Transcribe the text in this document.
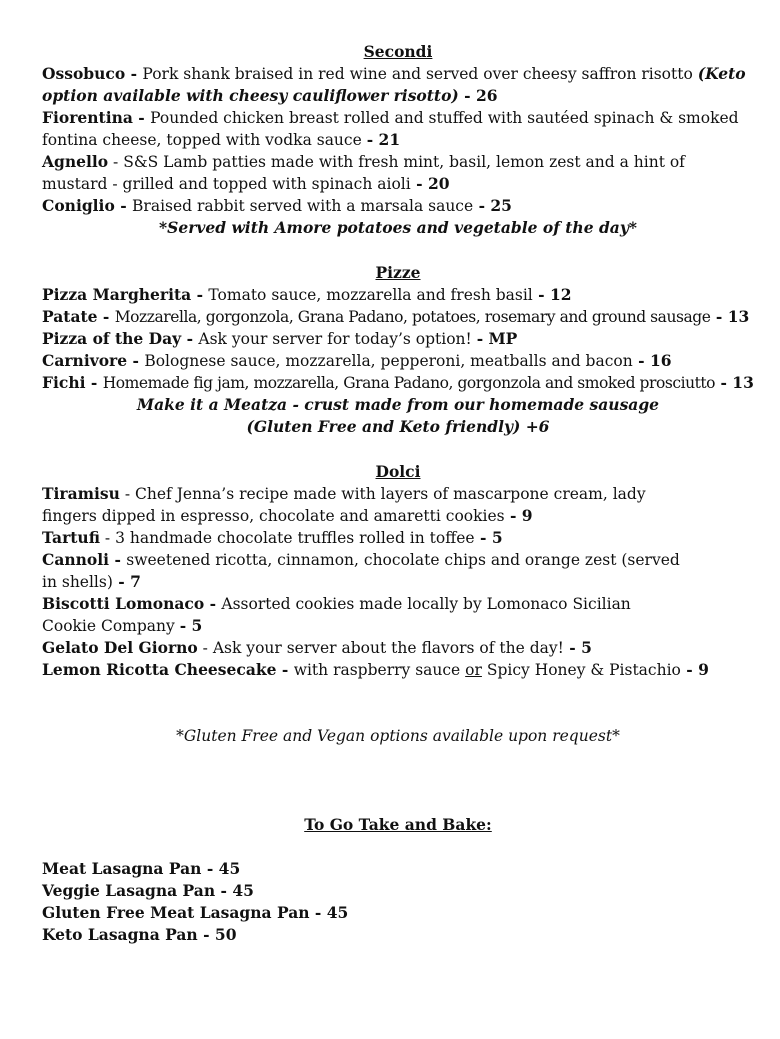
Secondi

Ossobuco - Pork shank braised in red wine and served over cheesy saffron risotto (Keto option available with cheesy cauliflower risotto) - 26

Fiorentina - Pounded chicken breast rolled and stuffed with sautéed spinach & smoked fontina cheese, topped with vodka sauce - 21

Agnello - S&S Lamb patties made with fresh mint, basil, lemon zest and a hint of mustard - grilled and topped with spinach aioli - 20

Coniglio - Braised rabbit served with a marsala sauce - 25

*Served with Amore potatoes and vegetable of the day*
Pizze

Pizza Margherita - Tomato sauce, mozzarella and fresh basil - 12

Patate - Mozzarella, gorgonzola, Grana Padano, potatoes, rosemary and ground sausage - 13

Pizza of the Day - Ask your server for today’s option! - MP

Carnivore - Bolognese sauce, mozzarella, pepperoni, meatballs and bacon - 16

Fichi - Homemade fig jam, mozzarella, Grana Padano, gorgonzola and smoked prosciutto - 13

Make it a Meatza - crust made from our homemade sausage
(Gluten Free and Keto friendly) +6
Dolci

Tiramisu - Chef Jenna’s recipe made with layers of mascarpone cream, lady fingers dipped in espresso, chocolate and amaretti cookies - 9

Tartufi - 3 handmade chocolate truffles rolled in toffee - 5

Cannoli - sweetened ricotta, cinnamon, chocolate chips and orange zest (served in shells) - 7

Biscotti Lomonaco - Assorted cookies made locally by Lomonaco Sicilian Cookie Company - 5

Gelato Del Giorno - Ask your server about the flavors of the day! - 5

Lemon Ricotta Cheesecake - with raspberry sauce or Spicy Honey & Pistachio - 9

*Gluten Free and Vegan options available upon request*
To Go Take and Bake:
Meat Lasagna Pan - 45
Veggie Lasagna Pan - 45
Gluten Free Meat Lasagna Pan - 45
Keto Lasagna Pan - 50
